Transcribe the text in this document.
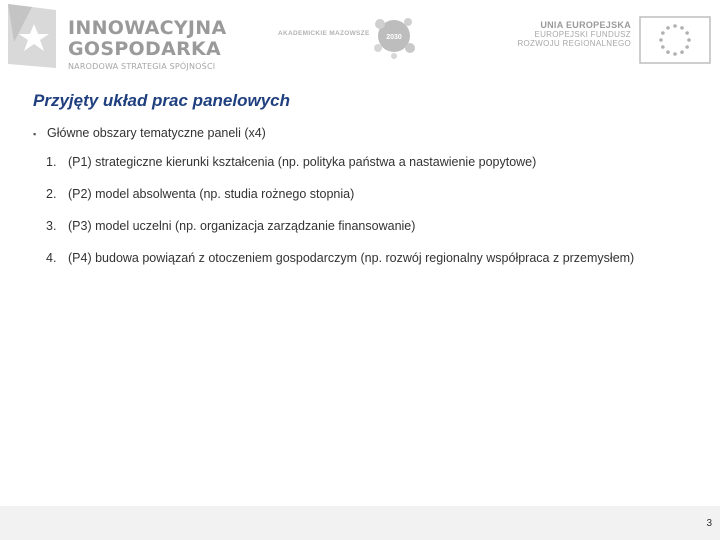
INNOWACYJNA
GOSPODARKA
NARODOWA STRATEGIA SPÓJNOŚCI
AKADEMICKIE MAZOWSZE
2030
UNIA EUROPEJSKA
EUROPEJSKI FUNDUSZ
ROZWOJU REGIONALNEGO
Przyjęty układ prac panelowych
▪ Główne obszary tematyczne paneli (x4)
1. (P1) strategiczne kierunki kształcenia (np. polityka państwa a nastawienie popytowe)
2. (P2) model absolwenta (np. studia rożnego stopnia)
3. (P3) model uczelni (np. organizacja zarządzanie finansowanie)
4. (P4) budowa powiązań z otoczeniem gospodarczym (np. rozwój regionalny współpraca z przemysłem)
3
